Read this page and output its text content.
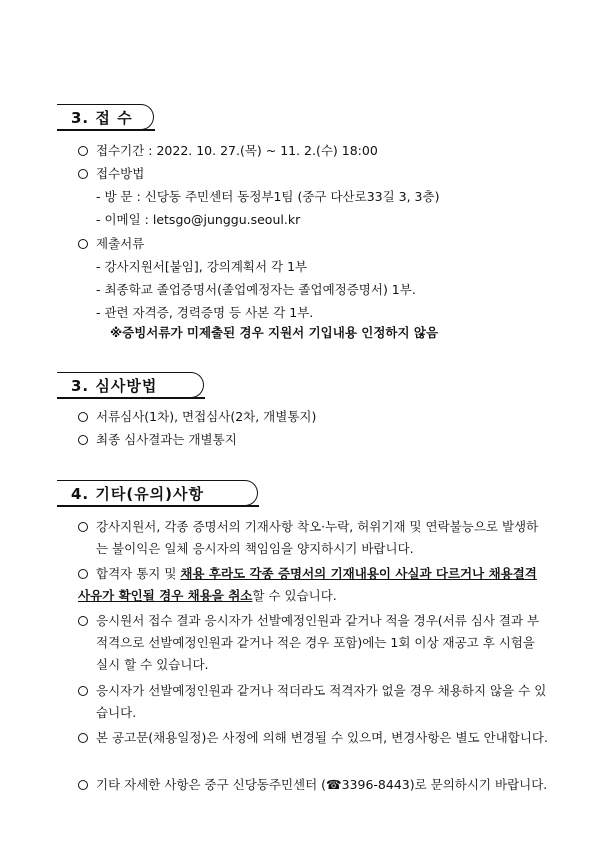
3. 접 수
접수기간 : 2022. 10. 27.(목) ~ 11. 2.(수) 18:00
접수방법
- 방 문 : 신당동 주민센터 동정부1팀 (중구 다산로33길 3, 3층)
- 이메일 : letsgo@junggu.seoul.kr
제출서류
- 강사지원서[붙임], 강의계획서 각 1부
- 최종학교 졸업증명서(졸업예정자는 졸업예정증명서) 1부.
- 관련 자격증, 경력증명 등 사본 각 1부.
※증빙서류가 미제출된 경우 지원서 기입내용 인정하지 않음
3. 심사방법
서류심사(1차), 면접심사(2차, 개별통지)
최종 심사결과는 개별통지
4. 기타(유의)사항
강사지원서, 각종 증명서의 기재사항 착오·누락, 허위기재 및 연락불능으로 발생하는 불이익은 일체 응시자의 책임임을 양지하시기 바랍니다.
합격자 통지 및 채용 후라도 각종 증명서의 기재내용이 사실과 다르거나 채용결격사유가 확인될 경우 채용을 취소할 수 있습니다.
응시원서 접수 결과 응시자가 선발예정인원과 같거나 적을 경우(서류 심사 결과 부적격으로 선발예정인원과 같거나 적은 경우 포함)에는 1회 이상 재공고 후 시험을 실시 할 수 있습니다.
응시자가 선발예정인원과 같거나 적더라도 적격자가 없을 경우 채용하지 않을 수 있습니다.
본 공고문(채용일정)은 사정에 의해 변경될 수 있으며, 변경사항은 별도 안내합니다.
기타 자세한 사항은 중구 신당동주민센터 (☎3396-8443)로 문의하시기 바랍니다.
